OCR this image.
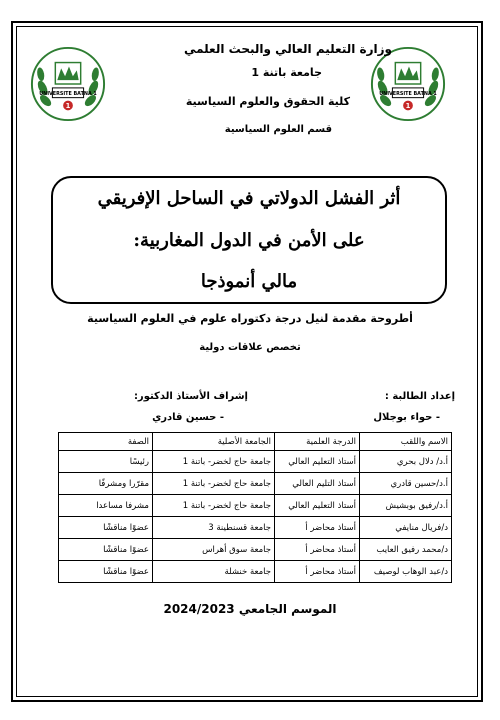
UNIVERSITE BATNA 1
1
UNIVERSITE BATNA 1
1
وزارة التعليم العالي والبحث العلمي
جامعة باتنة 1
كلية الحقوق والعلوم السياسية
قسم العلوم السياسية
أثر الفشل الدولاتي في الساحل الإفريقي
على الأمن في الدول المغاربية:
مالي أنموذجا
أطروحة مقدمة لنيل درجة دكتوراه علوم في العلوم السياسية
تخصص علاقات دولية
إعداد الطالبة :
إشراف الأستاذ الدكتور:
- حواء بوجلال
- حسين قادري
الاسم واللقب	الدرجة العلمية	الجامعة الأصلية	الصفة
أ.د/ دلال بحري	أستاذ التعليم العالي	جامعة حاج لخضر- باتنة 1	رئيسًا
أ.د/حسين قادري	أستاذ التليم العالي	جامعة حاج لخضر- باتنة 1	مقرّرا ومشرفًا
أ.د/رفيق بوبشيش	أستاذ التعليم العالي	جامعة حاج لخضر- باتنة 1	مشرفا مساعدا
د/فريال منايفي	أستاذ محاضر أ	جامعة قسنطينة 3	عضوًا مناقشًا
د/محمد رفيق العايب	أستاذ محاضر أ	جامعة سوق أهراس	عضوًا مناقشًا
د/عبد الوهاب لوصيف	أستاذ محاضر أ	جامعة خنشلة	عضوًا مناقشًا
الموسم الجامعي 2024/2023
